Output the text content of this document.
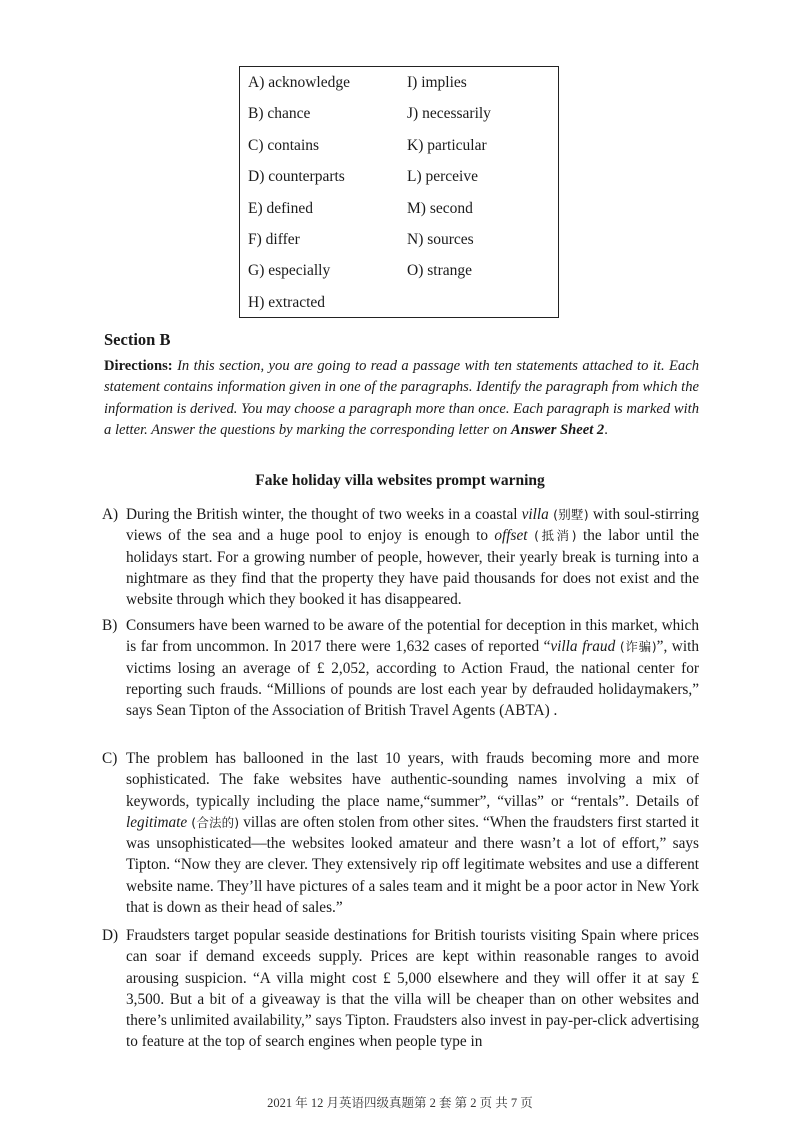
A) acknowledge
B) chance
C) contains
D) counterparts
E) defined
F) differ
G) especially
H) extracted
I) implies
J) necessarily
K) particular
L) perceive
M) second
N) sources
O) strange
Section B
Directions: In this section, you are going to read a passage with ten statements attached to it. Each statement contains information given in one of the paragraphs. Identify the paragraph from which the information is derived. You may choose a paragraph more than once. Each paragraph is marked with a letter. Answer the questions by marking the corresponding letter on Answer Sheet 2.
Fake holiday villa websites prompt warning
A) During the British winter, the thought of two weeks in a coastal villa (别墅) with soul-stirring views of the sea and a huge pool to enjoy is enough to offset (抵消) the labor until the holidays start. For a growing number of people, however, their yearly break is turning into a nightmare as they find that the property they have paid thousands for does not exist and the website through which they booked it has disappeared.
B) Consumers have been warned to be aware of the potential for deception in this market, which is far from uncommon. In 2017 there were 1,632 cases of reported “villa fraud (诈骗)”, with victims losing an average of £ 2,052, according to Action Fraud, the national center for reporting such frauds. “Millions of pounds are lost each year by defrauded holidaymakers,” says Sean Tipton of the Association of British Travel Agents (ABTA) .
C) The problem has ballooned in the last 10 years, with frauds becoming more and more sophisticated. The fake websites have authentic-sounding names involving a mix of keywords, typically including the place name,“summer”, “villas” or “rentals”. Details of legitimate (合法的) villas are often stolen from other sites. “When the fraudsters first started it was unsophisticated—the websites looked amateur and there wasn’t a lot of effort,” says Tipton. “Now they are clever. They extensively rip off legitimate websites and use a different website name. They’ll have pictures of a sales team and it might be a poor actor in New York that is down as their head of sales.”
D) Fraudsters target popular seaside destinations for British tourists visiting Spain where prices can soar if demand exceeds supply. Prices are kept within reasonable ranges to avoid arousing suspicion. “A villa might cost £ 5,000 elsewhere and they will offer it at say £ 3,500. But a bit of a giveaway is that the villa will be cheaper than on other websites and there’s unlimited availability,” says Tipton. Fraudsters also invest in pay-per-click advertising to feature at the top of search engines when people type in
2021 年 12 月英语四级真题第 2 套 第 2 页 共 7 页
